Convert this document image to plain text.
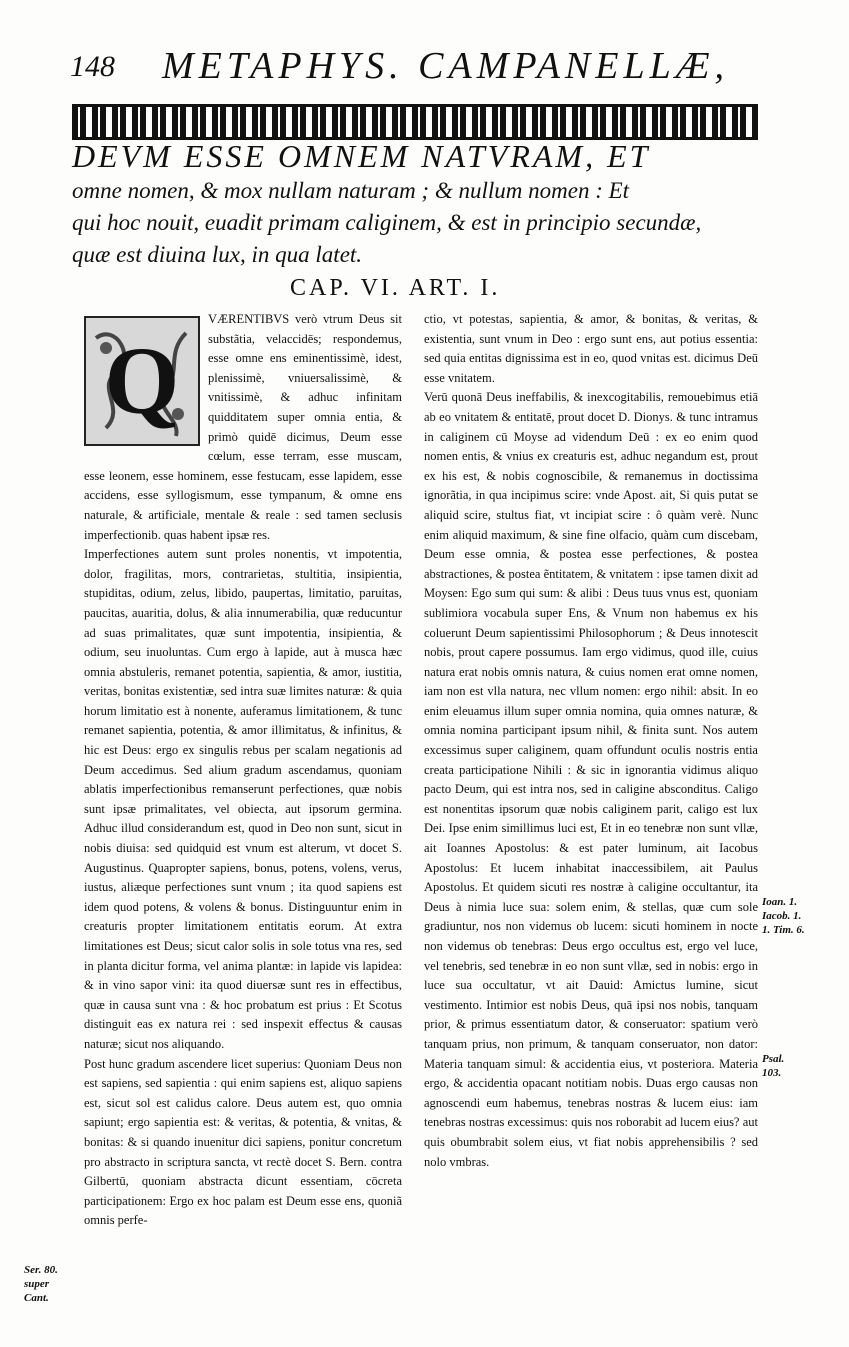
148 METAPHYS. CAMPANELLÆ,
DEVM ESSE OMNEM NATVRAM, ET
omne nomen, & mox nullam naturam ; & nullum nomen : Et
qui hoc nouit, euadit primam caliginem, & est in principio secundæ,
quæ est diuina lux, in qua latet.
CAP. VI. ART. I.
Q

VÆRENTIBVS verò vtrum Deus sit substãtia, velaccidēs; respondemus, esse omne ens eminentissimè, idest, plenissimè, vniuersalissimè, & vnitissimè, & adhuc infinitam quidditatem super omnia entia, & primò quidē dicimus, Deum esse cœlum, esse terram, esse muscam, esse leonem, esse hominem, esse festucam, esse lapidem, esse accidens, esse syllogismum, esse tympanum, & omne ens naturale, & artificiale, mentale & reale : sed tamen seclusis imperfectionib. quas habent ipsæ res.

Imperfectiones autem sunt proles nonentis, vt impotentia, dolor, fragilitas, mors, contrarietas, stultitia, insipientia, stupiditas, odium, zelus, libido, paupertas, limitatio, paruitas, paucitas, auaritia, dolus, & alia innumerabilia, quæ reducuntur ad suas primalitates, quæ sunt impotentia, insipientia, & odium, seu inuoluntas. Cum ergo à lapide, aut à musca hæc omnia abstuleris, remanet potentia, sapientia, & amor, iustitia, veritas, bonitas existentiæ, sed intra suæ limites naturæ: & quia horum limitatio est à nonente, auferamus limitationem, & tunc remanet sapientia, potentia, & amor illimitatus, & infinitus, & hic est Deus: ergo ex singulis rebus per scalam negationis ad Deum accedimus. Sed alium gradum ascendamus, quoniam ablatis imperfectionibus remanserunt perfectiones, quæ nobis sunt ipsæ primalitates, vel obiecta, aut ipsorum germina. Adhuc illud considerandum est, quod in Deo non sunt, sicut in nobis diuisa: sed quidquid est vnum est alterum, vt docet S. Augustinus. Quapropter sapiens, bonus, potens, volens, verus, iustus, aliæque perfectiones sunt vnum ; ita quod sapiens est idem quod potens, & volens & bonus. Distinguuntur enim in creaturis propter limitationem entitatis eorum. At extra limitationes est Deus; sicut calor solis in sole totus vna res, sed in planta dicitur forma, vel anima plantæ: in lapide vis lapidea: & in vino sapor vini: ita quod diuersæ sunt res in effectibus, quæ in causa sunt vna : & hoc probatum est prius : Et Scotus distinguit eas ex natura rei : sed inspexit effectus & causas naturæ; sicut nos aliquando.

Post hunc gradum ascendere licet superius: Quoniam Deus non est sapiens, sed sapientia : qui enim sapiens est, aliquo sapiens est, sicut sol est calidus calore. Deus autem est, quo omnia sapiunt; ergo sapientia est: & veritas, & potentia, & vnitas, & bonitas: & si quando inuenitur dici sapiens, ponitur concretum pro abstracto in scriptura sancta, vt rectè docet S. Bern. contra Gilbertū, quoniam abstracta dicunt essentiam, cōcreta participationem: Ergo ex hoc palam est Deum esse ens, quoniã omnis perfe-

ctio, vt potestas, sapientia, & amor, & bonitas, & veritas, & existentia, sunt vnum in Deo : ergo sunt ens, aut potius essentia: sed quia entitas dignissima est in eo, quod vnitas est. dicimus Deū esse vnitatem.

Verū quonā Deus ineffabilis, & inexcogitabilis, remouebimus etiā ab eo vnitatem & entitatē, prout docet D. Dionys. & tunc intramus in caliginem cū Moyse ad videndum Deū : ex eo enim quod nomen entis, & vnius ex creaturis est, adhuc negandum est, prout ex his est, & nobis cognoscibile, & remanemus in doctissima ignorãtia, in qua incipimus scire: vnde Apost. ait, Si quis putat se aliquid scire, stultus fiat, vt incipiat scire : ô quàm verè. Nunc enim aliquid maximum, & sine fine olfacio, quàm cum discebam, Deum esse omnia, & postea esse perfectiones, & postea abstractiones, & postea ẽntitatem, & vnitatem : ipse tamen dixit ad Moysen: Ego sum qui sum: & alibi : Deus tuus vnus est, quoniam sublimiora vocabula super Ens, & Vnum non habemus ex his coluerunt Deum sapientissimi Philosophorum ; & Deus innotescit nobis, prout capere possumus. Iam ergo vidimus, quod ille, cuius natura erat nobis omnis natura, & cuius nomen erat omne nomen, iam non est vlla natura, nec vllum nomen: ergo nihil: absit. In eo enim eleuamus illum super omnia nomina, quia omnes naturæ, & omnia nomina participant ipsum nihil, & finita sunt. Nos autem excessimus super caliginem, quam offundunt oculis nostris entia creata participatione Nihili : & sic in ignorantia vidimus aliquo pacto Deum, qui est intra nos, sed in caligine absconditus. Caligo est nonentitas ipsorum quæ nobis caliginem parit, caligo est lux Dei. Ipse enim simillimus luci est, Et in eo tenebræ non sunt vllæ, ait Ioannes Apostolus: & est pater luminum, ait Iacobus Apostolus: Et lucem inhabitat inaccessibilem, ait Paulus Apostolus. Et quidem sicuti res nostræ à caligine occultantur, ita Deus à nimia luce sua: solem enim, & stellas, quæ cum sole gradiuntur, nos non videmus ob lucem: sicuti hominem in nocte non videmus ob tenebras: Deus ergo occultus est, ergo vel luce, vel tenebris, sed tenebræ in eo non sunt vllæ, sed in nobis: ergo in luce sua occultatur, vt ait Dauid: Amictus lumine, sicut vestimento. Intimior est nobis Deus, quā ipsi nos nobis, tanquam prior, & primus essentiatum dator, & conseruator: spatium verò tanquam prius, non primum, & tanquam conseruator, non dator: Materia tanquam simul: & accidentia eius, vt posteriora. Materia ergo, & accidentia opacant notitiam nobis. Duas ergo causas non agnoscendi eum habemus, tenebras nostras & lucem eius: iam tenebras nostras excessimus: quis nos roborabit ad lucem eius? aut quis obumbrabit solem eius, vt fiat nobis apprehensibilis ? sed nolo vmbras.

Ser. 80. super Cant.
Ioan. 1. Iacob. 1. 1. Tim. 6.
Psal. 103.
